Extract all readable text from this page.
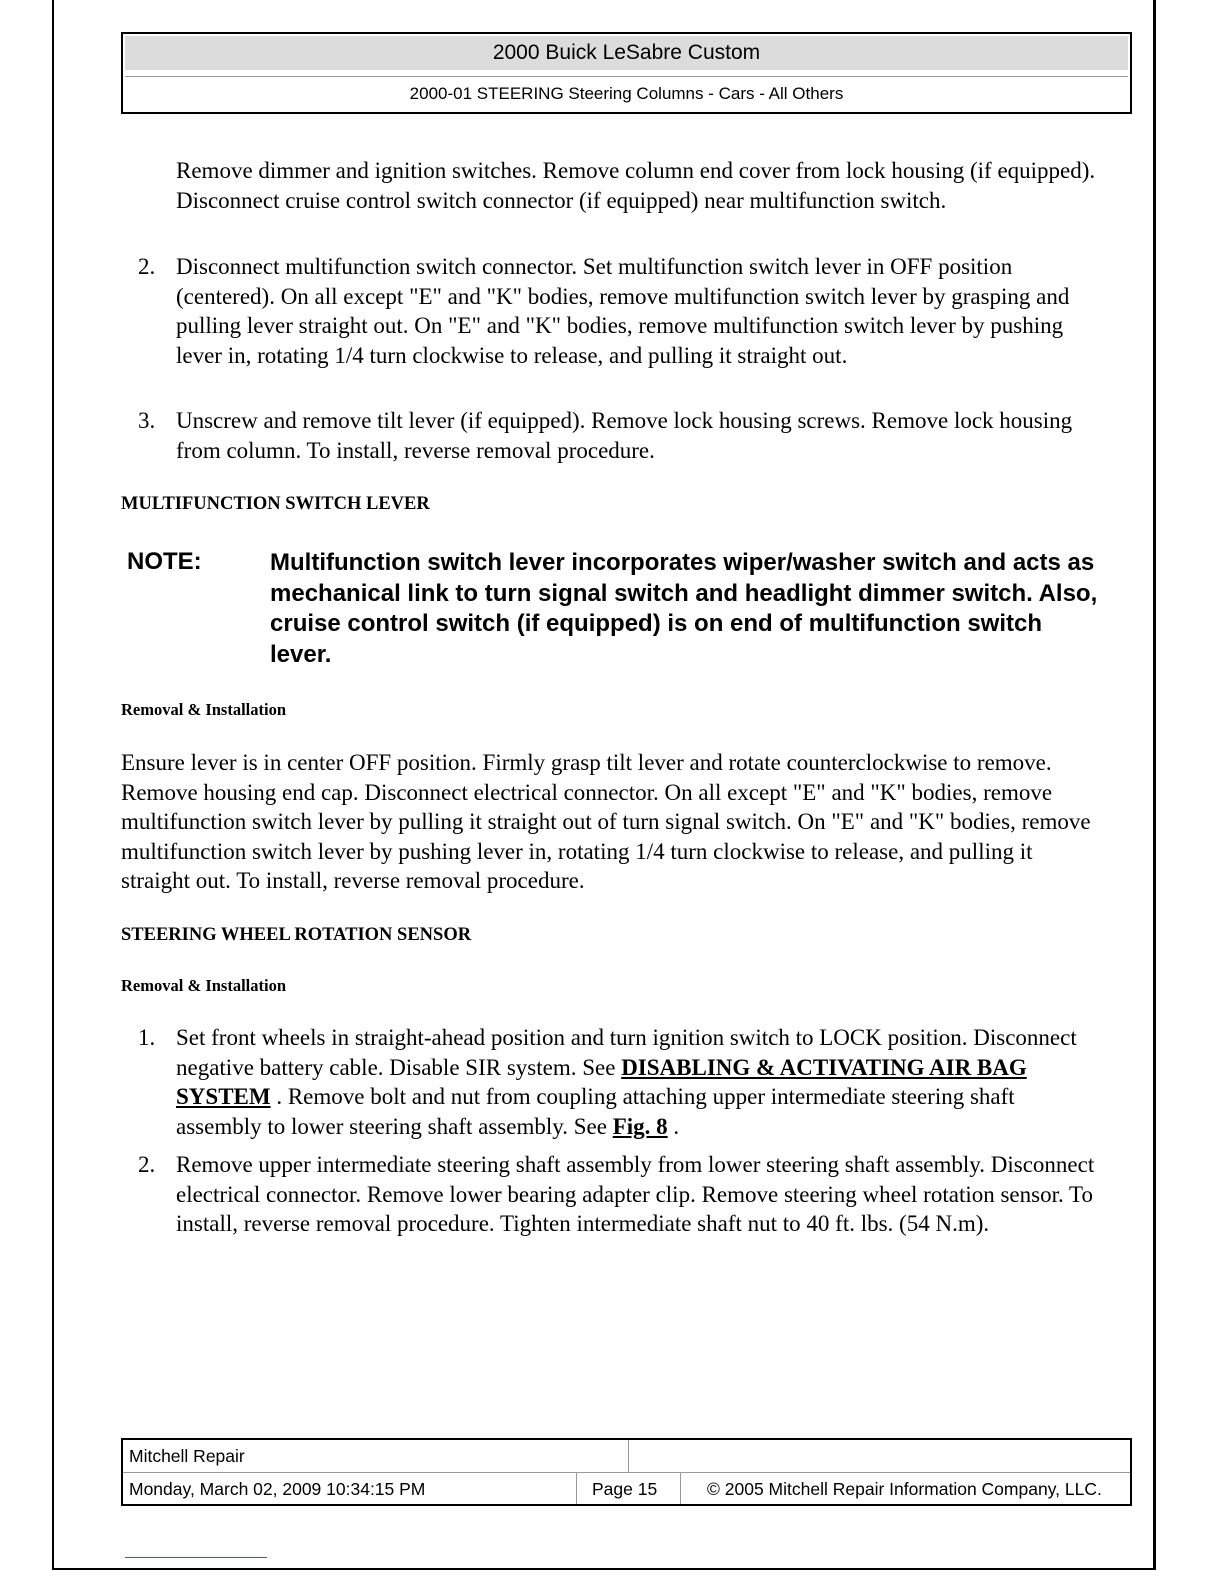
2000 Buick LeSabre Custom
2000-01 STEERING Steering Columns - Cars - All Others
Remove dimmer and ignition switches. Remove column end cover from lock housing (if equipped). Disconnect cruise control switch connector (if equipped) near multifunction switch.
2. Disconnect multifunction switch connector. Set multifunction switch lever in OFF position (centered). On all except "E" and "K" bodies, remove multifunction switch lever by grasping and pulling lever straight out. On "E" and "K" bodies, remove multifunction switch lever by pushing lever in, rotating 1/4 turn clockwise to release, and pulling it straight out.
3. Unscrew and remove tilt lever (if equipped). Remove lock housing screws. Remove lock housing from column. To install, reverse removal procedure.
MULTIFUNCTION SWITCH LEVER
NOTE:	Multifunction switch lever incorporates wiper/washer switch and acts as mechanical link to turn signal switch and headlight dimmer switch. Also, cruise control switch (if equipped) is on end of multifunction switch lever.
Removal & Installation
Ensure lever is in center OFF position. Firmly grasp tilt lever and rotate counterclockwise to remove. Remove housing end cap. Disconnect electrical connector. On all except "E" and "K" bodies, remove multifunction switch lever by pulling it straight out of turn signal switch. On "E" and "K" bodies, remove multifunction switch lever by pushing lever in, rotating 1/4 turn clockwise to release, and pulling it straight out. To install, reverse removal procedure.
STEERING WHEEL ROTATION SENSOR
Removal & Installation
1. Set front wheels in straight-ahead position and turn ignition switch to LOCK position. Disconnect negative battery cable. Disable SIR system. See DISABLING & ACTIVATING AIR BAG SYSTEM . Remove bolt and nut from coupling attaching upper intermediate steering shaft assembly to lower steering shaft assembly. See Fig. 8 .
2. Remove upper intermediate steering shaft assembly from lower steering shaft assembly. Disconnect electrical connector. Remove lower bearing adapter clip. Remove steering wheel rotation sensor. To install, reverse removal procedure. Tighten intermediate shaft nut to 40 ft. lbs. (54 N.m).
Mitchell Repair
Monday, March 02, 2009 10:34:15 PM	Page 15	© 2005 Mitchell Repair Information Company, LLC.
